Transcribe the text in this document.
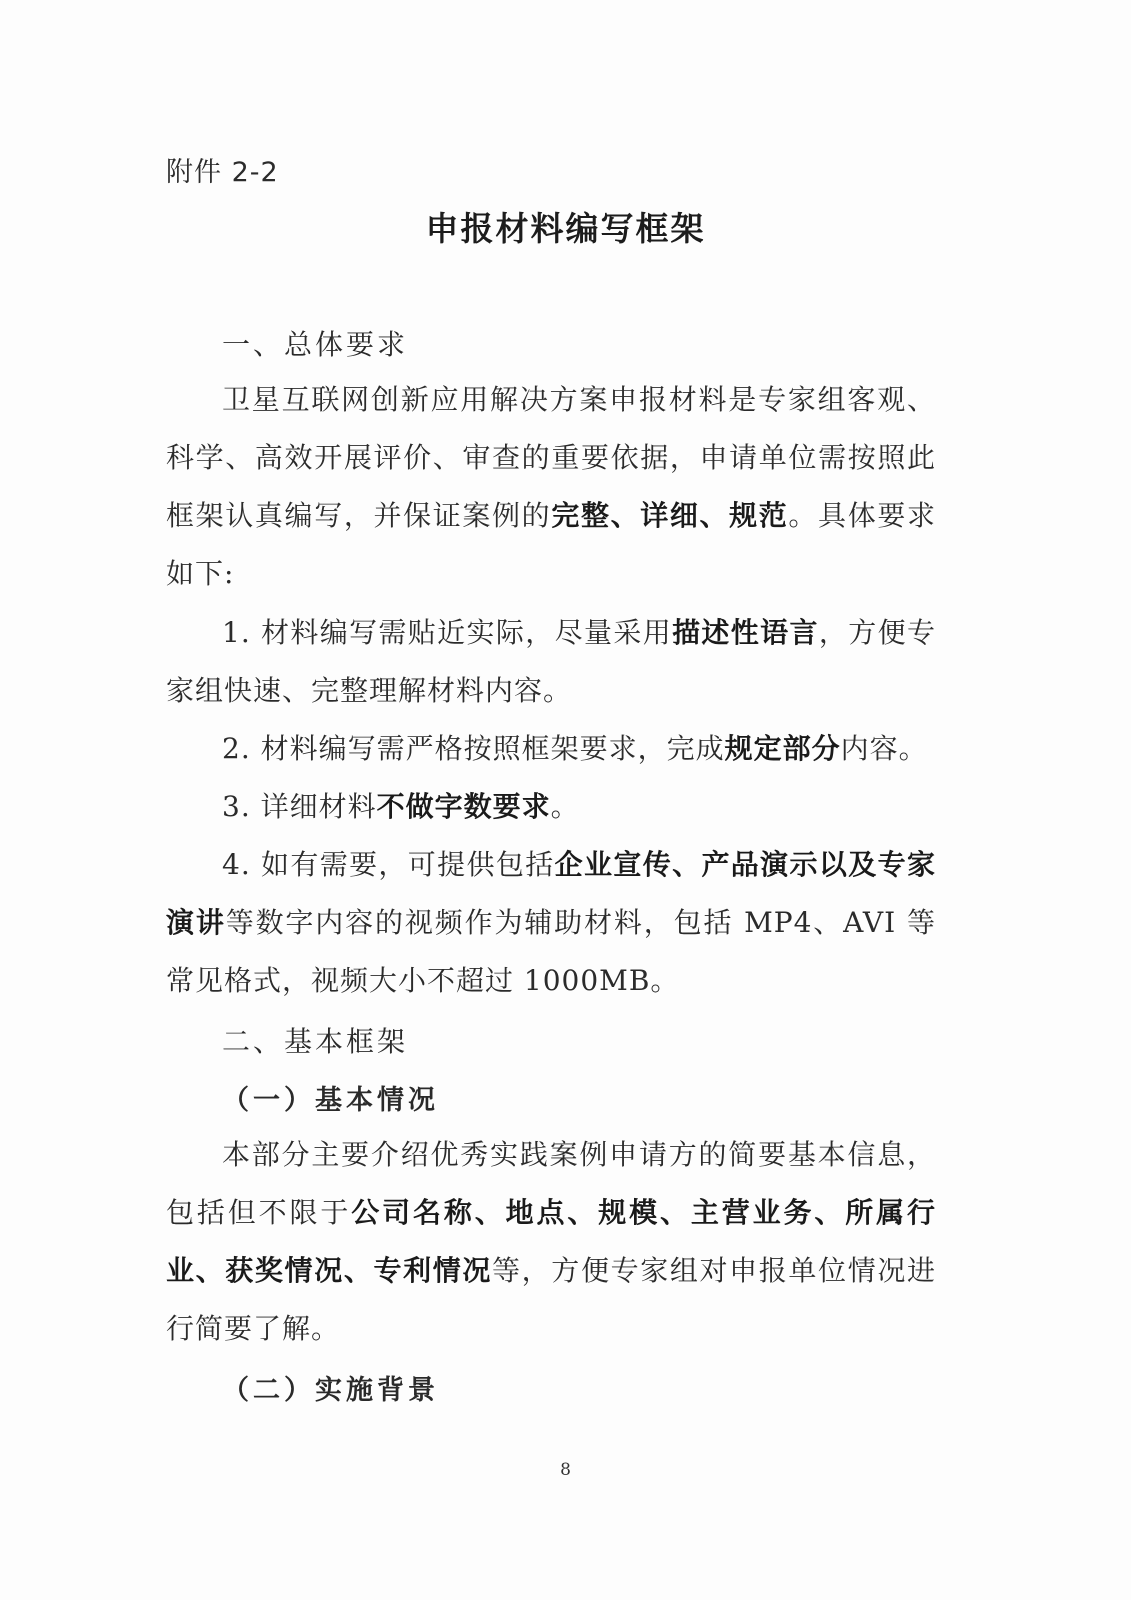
附件 2-2
申报材料编写框架
一、总体要求
卫星互联网创新应用解决方案申报材料是专家组客观、科学、高效开展评价、审查的重要依据，申请单位需按照此框架认真编写，并保证案例的完整、详细、规范。具体要求如下:
1. 材料编写需贴近实际，尽量采用描述性语言，方便专家组快速、完整理解材料内容。
2. 材料编写需严格按照框架要求，完成规定部分内容。
3. 详细材料不做字数要求。
4. 如有需要，可提供包括企业宣传、产品演示以及专家演讲等数字内容的视频作为辅助材料，包括 MP4、AVI 等常见格式，视频大小不超过 1000MB。
二、基本框架
（一）基本情况
本部分主要介绍优秀实践案例申请方的简要基本信息，包括但不限于公司名称、地点、规模、主营业务、所属行业、获奖情况、专利情况等，方便专家组对申报单位情况进行简要了解。
（二）实施背景
8
